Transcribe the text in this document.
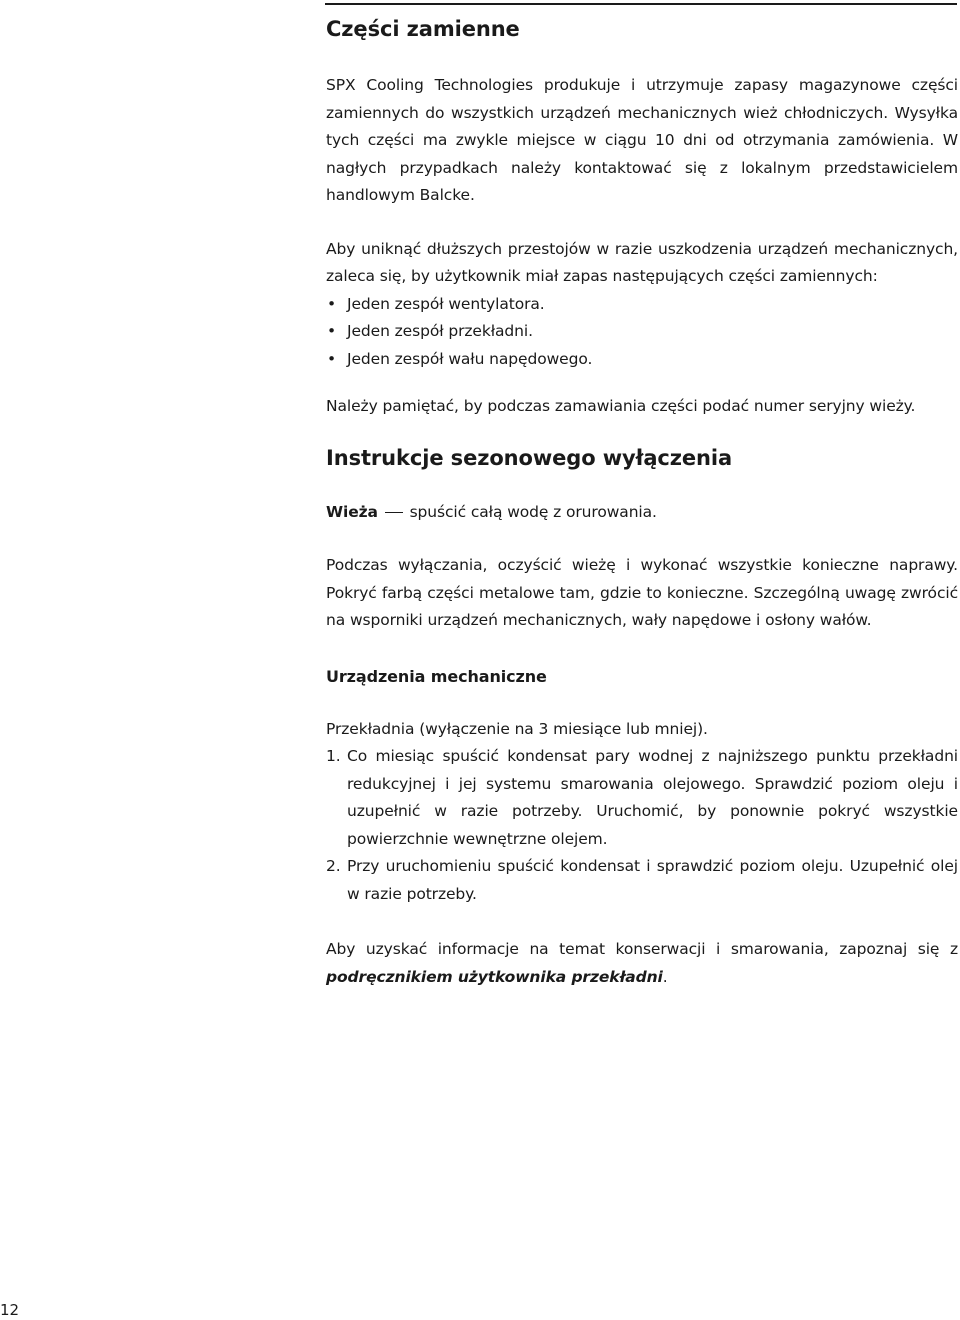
Części zamienne

SPX Cooling Technologies produkuje i utrzymuje zapasy magazynowe części zamiennych do wszystkich urządzeń mechanicznych wież chłodniczych. Wysyłka tych części ma zwykle miejsce w ciągu 10 dni od otrzymania zamówienia. W nagłych przypadkach należy kontaktować się z lokalnym przedstawicielem handlowym Balcke.

Aby uniknąć dłuższych przestojów w razie uszkodzenia urządzeń mechanicznych, zaleca się, by użytkownik miał zapas następujących części zamiennych:

• Jeden zespół wentylatora.
• Jeden zespół przekładni.
• Jeden zespół wału napędowego.

Należy pamiętać, by podczas zamawiania części podać numer seryjny wieży.

Instrukcje sezonowego wyłączenia

Wieża spuścić całą wodę z orurowania.

Podczas wyłączania, oczyścić wieżę i wykonać wszystkie konieczne naprawy. Pokryć farbą części metalowe tam, gdzie to konieczne. Szczególną uwagę zwrócić na wsporniki urządzeń mechanicznych, wały napędowe i osłony wałów.

Urządzenia mechaniczne

Przekładnia (wyłączenie na 3 miesiące lub mniej).

1. Co miesiąc spuścić kondensat pary wodnej z najniższego punktu przekładni redukcyjnej i jej systemu smarowania olejowego. Sprawdzić poziom oleju i uzupełnić w razie potrzeby. Uruchomić, by ponownie pokryć wszystkie powierzchnie wewnętrzne olejem.
2. Przy uruchomieniu spuścić kondensat i sprawdzić poziom oleju. Uzupełnić olej w razie potrzeby.

Aby uzyskać informacje na temat konserwacji i smarowania, zapoznaj się z podręcznikiem użytkownika przekładni.

12
